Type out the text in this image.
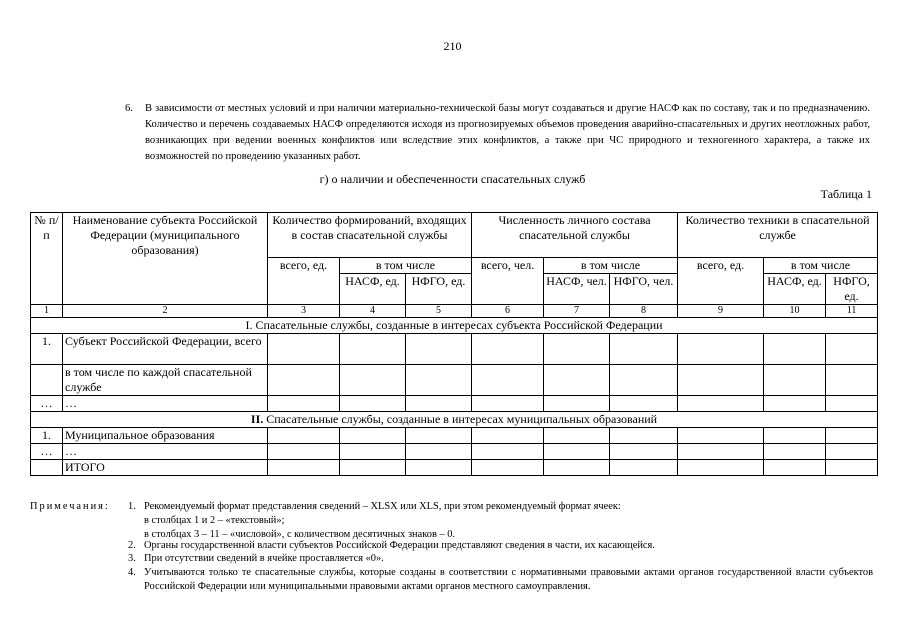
210
6.	В зависимости от местных условий и при наличии материально-технической базы могут создаваться и другие НАСФ как по составу, так и по предназначению. Количество и перечень создаваемых НАСФ определяются исходя из прогнозируемых объемов проведения аварийно-спасательных и других неотложных работ, возникающих при ведении военных конфликтов или вследствие этих конфликтов, а также при ЧС природного и техногенного характера, а также их возможностей по проведению указанных работ.
г) о наличии и обеспеченности спасательных служб
Таблица 1
№ п/п	Наименование субъекта Российской Федерации (муниципального образования)	Количество формирований, входящих в состав спасательной службы			Численность личного состава спасательной службы			Количество техники в спасательной службе		
		всего, ед.	в том числе		всего, чел.	в том числе		всего, ед.	в том числе	
			НАСФ, ед.	НФГО, ед.		НАСФ, чел.	НФГО, чел.		НАСФ, ед.	НФГО, ед.
1	2	3	4	5	6	7	8	9	10	11
I. Спасательные службы, созданные в интересах субъекта Российской Федерации										
1.	Субъект Российской Федерации, всего									
	в том числе по каждой спасательной службе									
…	…									
II. Спасательные службы, созданные в интересах муниципальных образований										
1.	Муниципальное образования									
…	…									
	ИТОГО									
Примечания: 1. Рекомендуемый формат представления сведений – XLSX или XLS, при этом рекомендуемый формат ячеек:
в столбцах 1 и 2 – «текстовый»;
в столбцах 3 – 11 – «числовой», с количеством десятичных знаков – 0.
2. Органы государственной власти субъектов Российской Федерации представляют сведения в части, их касающейся.
3. При отсутствии сведений в ячейке проставляется «0».
4. Учитываются только те спасательные службы, которые созданы в соответствии с нормативными правовыми актами органов государственной власти субъектов Российской Федерации или муниципальными правовыми актами органов местного самоуправления.
